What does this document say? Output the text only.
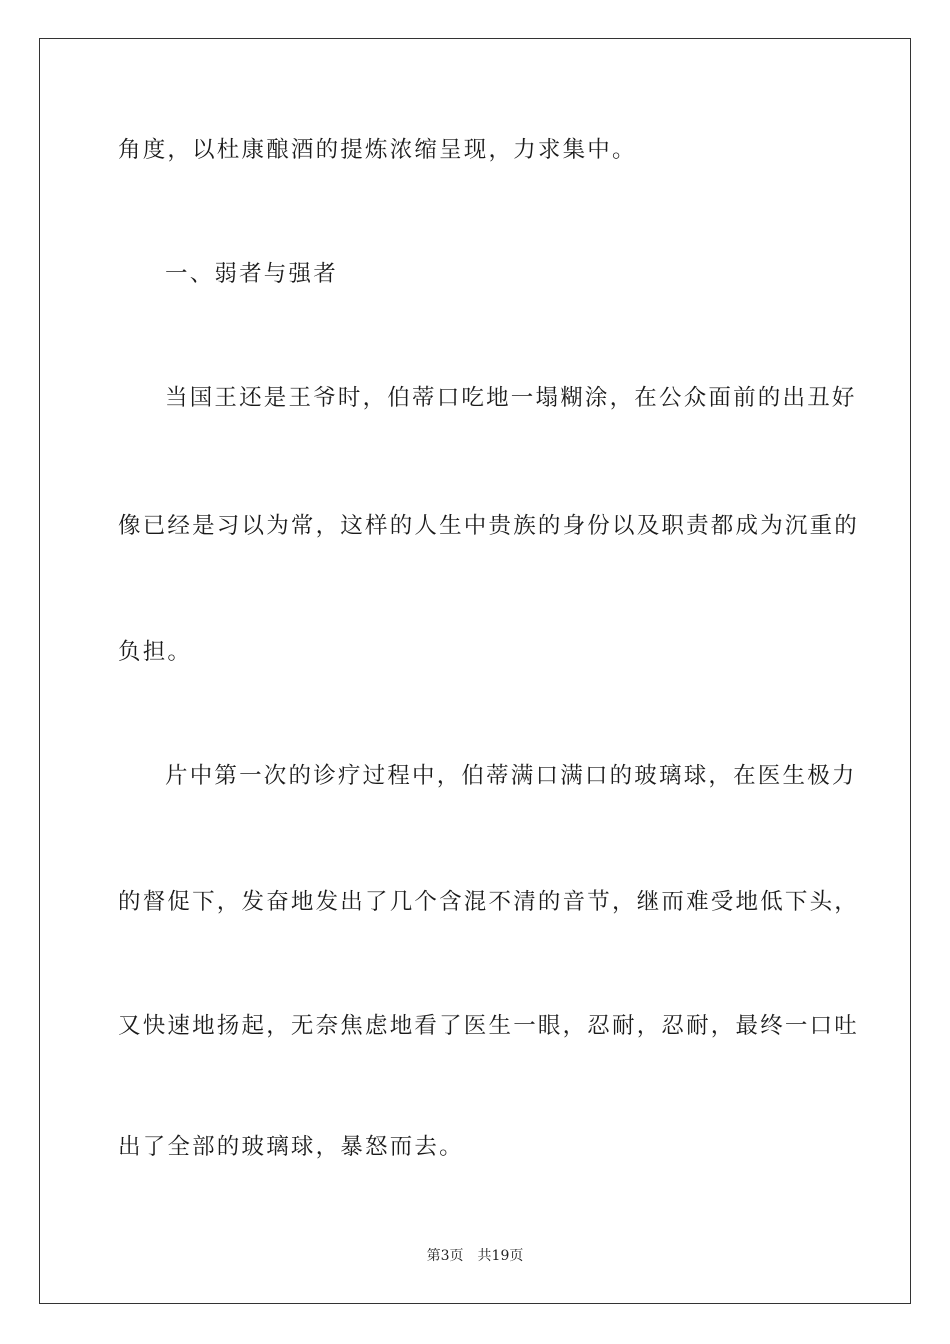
角度，以杜康酿酒的提炼浓缩呈现，力求集中。
一、弱者与强者
当国王还是王爷时，伯蒂口吃地一塌糊涂，在公众面前的出丑好
像已经是习以为常，这样的人生中贵族的身份以及职责都成为沉重的
负担。
片中第一次的诊疗过程中，伯蒂满口满口的玻璃球，在医生极力
的督促下，发奋地发出了几个含混不清的音节，继而难受地低下头，
又快速地扬起，无奈焦虑地看了医生一眼，忍耐，忍耐，最终一口吐
出了全部的玻璃球，暴怒而去。
第3页 共19页
